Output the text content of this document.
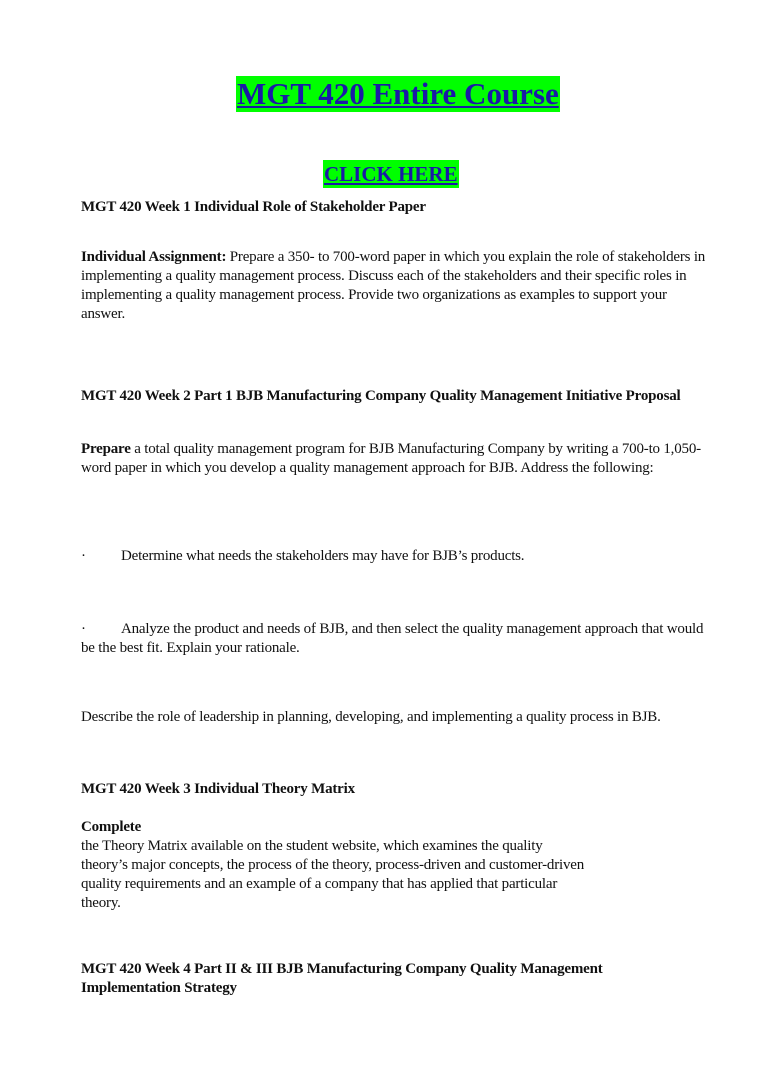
MGT 420 Entire Course
CLICK HERE
MGT 420 Week 1 Individual Role of Stakeholder Paper
Individual Assignment: Prepare a 350- to 700-word paper in which you explain the role of stakeholders in implementing a quality management process. Discuss each of the stakeholders and their specific roles in implementing a quality management process. Provide two organizations as examples to support your answer.
MGT 420 Week 2 Part 1 BJB Manufacturing Company Quality Management Initiative Proposal
Prepare a total quality management program for BJB Manufacturing Company by writing a 700-to 1,050-word paper in which you develop a quality management approach for BJB. Address the following:
· Determine what needs the stakeholders may have for BJB’s products.
· Analyze the product and needs of BJB, and then select the quality management approach that would be the best fit. Explain your rationale.
Describe the role of leadership in planning, developing, and implementing a quality process in BJB.
MGT 420 Week 3 Individual Theory Matrix
Complete
the Theory Matrix available on the student website, which examines the quality theory’s major concepts, the process of the theory, process-driven and customer-driven quality requirements and an example of a company that has applied that particular theory.
MGT 420 Week 4 Part II & III BJB Manufacturing Company Quality Management Implementation Strategy
